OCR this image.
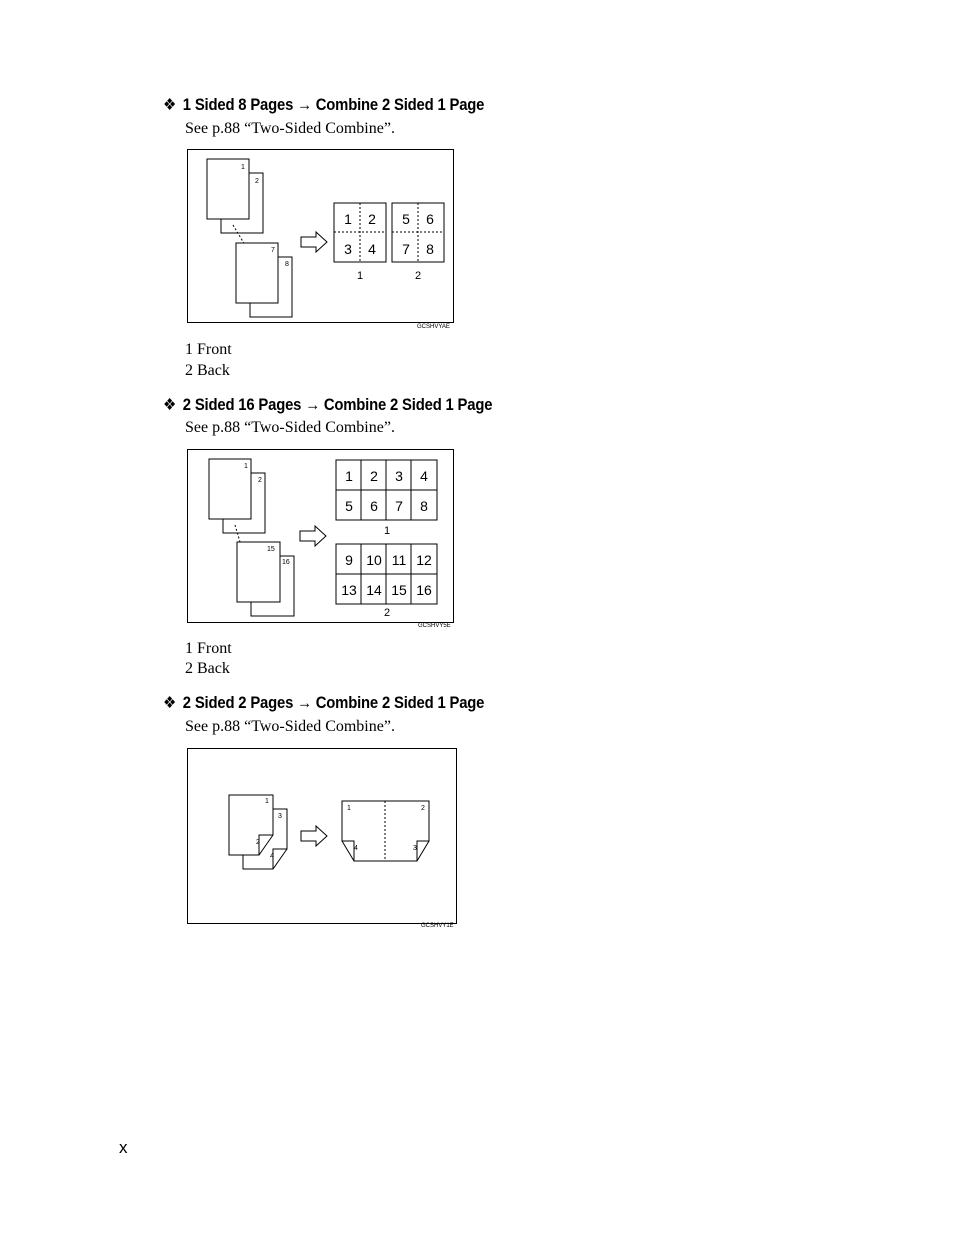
❖ 1 Sided 8 Pages → Combine 2 Sided 1 Page
See p.88 “Two-Sided Combine”.
1
2
7
8
1 2
3 4
5 6
7 8
1	2
GCSHVYAE
1 Front
2 Back
❖ 2 Sided 16 Pages → Combine 2 Sided 1 Page
See p.88 “Two-Sided Combine”.
1
2
15
16
1 2 3 4
5 6 7 8
1
9 10 11 12
13 14 15 16
2
GCSHVY5E
1 Front
2 Back
❖ 2 Sided 2 Pages → Combine 2 Sided 1 Page
See p.88 “Two-Sided Combine”.
1
3
2
4
1	2
4	3
GCSHVY1E
x
